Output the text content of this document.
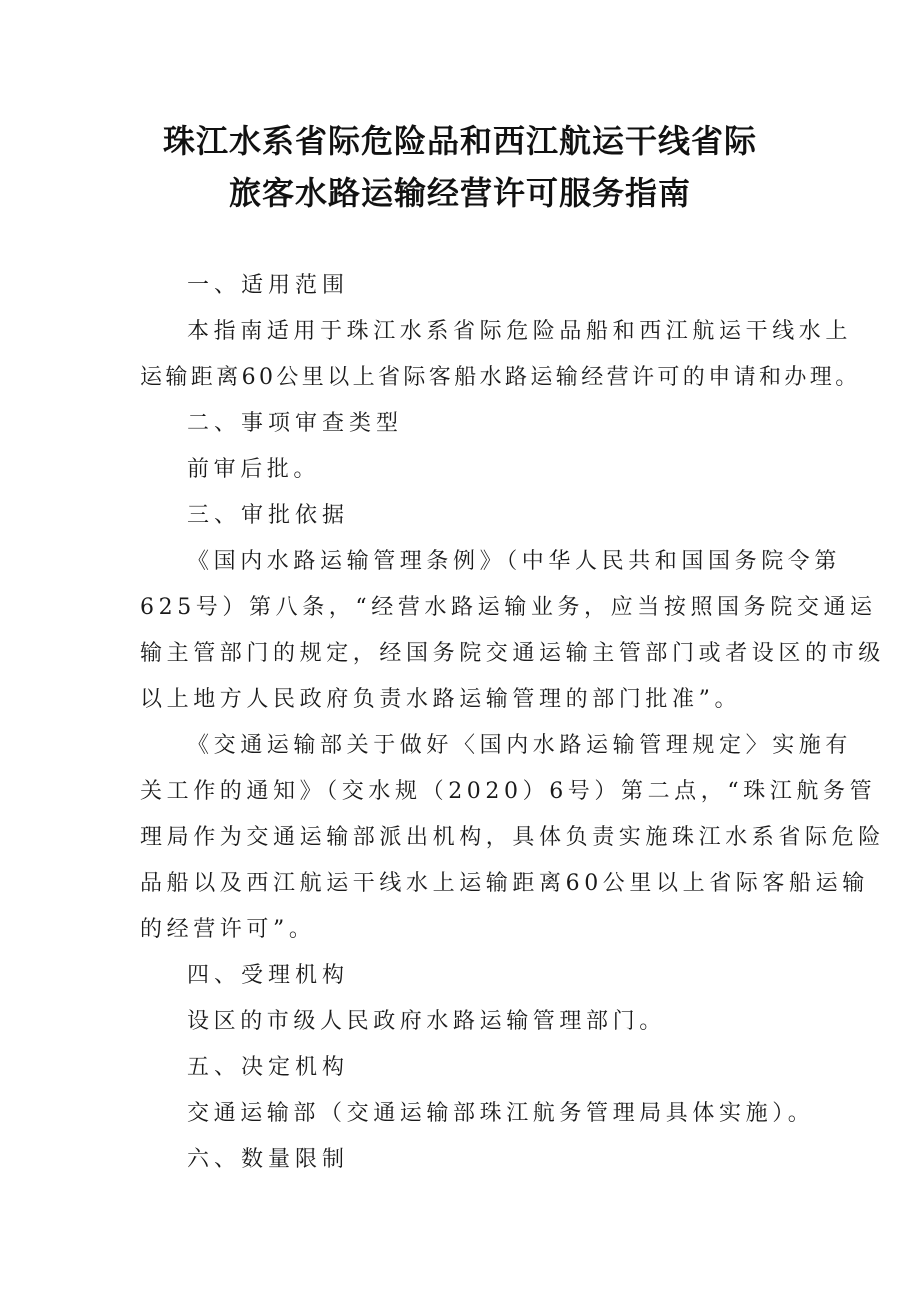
珠江水系省际危险品和西江航运干线省际
旅客水路运输经营许可服务指南
一、适用范围
本指南适用于珠江水系省际危险品船和西江航运干线水上
运输距离60公里以上省际客船水路运输经营许可的申请和办理。
二、事项审查类型
前审后批。
三、审批依据
《国内水路运输管理条例》（中华人民共和国国务院令第
625号）第八条，“经营水路运输业务，应当按照国务院交通运
输主管部门的规定，经国务院交通运输主管部门或者设区的市级
以上地方人民政府负责水路运输管理的部门批准”。
《交通运输部关于做好〈国内水路运输管理规定〉实施有
关工作的通知》（交水规（2020）6号）第二点，“珠江航务管
理局作为交通运输部派出机构，具体负责实施珠江水系省际危险
品船以及西江航运干线水上运输距离60公里以上省际客船运输
的经营许可”。
四、受理机构
设区的市级人民政府水路运输管理部门。
五、决定机构
交通运输部（交通运输部珠江航务管理局具体实施）。
六、数量限制
